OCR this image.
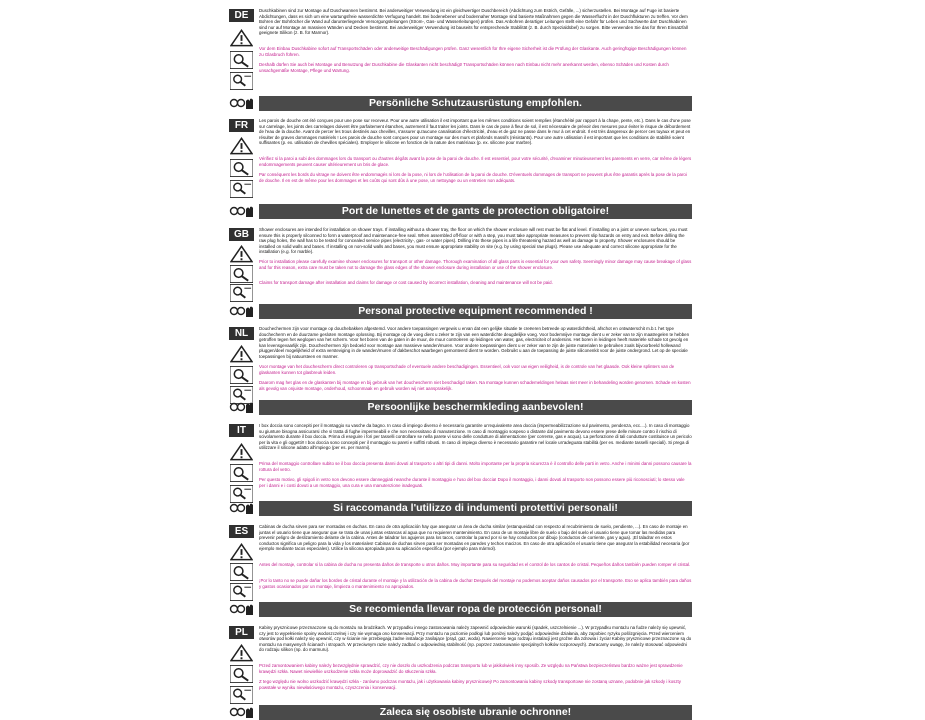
DE	Duschkabinen sind zur Montage auf Duschwannen bestimmt. Bei anderweitiger Verwendung ist ein gleichwertiger Duschbereich (Abdichtung zum Estrich, Gefälle, ...) sicherzustellen. Bei Montage auf Fuge ist basierte Abdichtungen, dass es sich um eine wartungsfreie wasserdichte Verfugung handelt. Bei bodenebener und bodennaher Montage sind basierte Maßnahmen gegen die Wasserflucht in der Duschflukturen zu treffen. Vor dem Bohren der Bohrlöcher die Wand auf darunterliegende Versorgungsleitungen (Strom-, Gas- und Wasserleitungen) prüfen. Das Anbohren derartiger Leitungen stellt eine Gefahr für Leben und Sachwerte dar! Duschkabinen sind nur auf Montage an massiven Wänden und Decken bestimmt. Bei anderweitiger Verwendung ist bauseits für entsprechende Stabilität (z. B. durch Spezialdübel) zu sorgen. Bitte verwenden Sie das für Ihren Einsatzfall geeignete Silikon (z. B. für Marmor).
Vor dem Einbau Duschkabine sofort auf Transportschäden oder anderweitige Beschädigungen prüfen. Ganz wesentlich für Ihre eigene Sicherheit ist die Prüfung der Glaskante. Auch geringfügige Beschädigungen können zu Glasbruch führen.
Deshalb dürfen Sie auch bei Montage und Benutzung der Duschkabine die Glaskanten nicht beschädigt! Transportschäden können nach Einbau nicht mehr anerkannt werden, ebenso Schäden und Kosten durch unsachgemäße Montage, Pflege und Wartung.
Persönliche Schutzausrüstung empfohlen.
FR	Les parois de douche ont été conçues pour une pose sur receveur. Pour une autre utilisation il est important que les mêmes conditions soient remplies (étanchéité par rapport à la chape, pente, etc.). Dans le cas d'une pose sur carrelage, les joints des carrelages doivent être parfaitement étanches, autrement il faut traiter les joints. Dans le cas de pose à fleur de sol, il est nécessaire de prévoir des mesures pour éviter le risque de débordement de l'eau de la douche. Avant de percer les trous destinés aux chevilles, s'assurer qu'aucune canalisation d'électricité, d'eau et de gaz ne passe dans le mur à cet endroit. Il est très dangereux de percer ces tuyaux et peut en résulter de graves dommages matériels ! Les parois de douche sont conçues pour un montage sur des murs et plafonds massifs (résistants). Pour une autre utilisation il est important que les conditions de stabilité soient suffisantes (p. ex. utilisation de chevilles spéciales). Employer le silicone en fonction de la nature des matériaux (p. ex. silicone pour marbre).
Vérifiez si la paroi a subi des dommages lors du transport ou d'autres dégâts avant la pose de la paroi de douche. Il est essentiel, pour votre sécurité, d'examiner minutieusement les parements en verre, car même de légers endommagements peuvent causer ultérieurement un bris de glace.
Par conséquent les bords du vitrage ne doivent être endommagés ni lors de la pose, ni lors de l'utilisation de la paroi de douche. D'éventuels dommages de transport ne peuvent plus être garantis après la pose de la paroi de douche. Il en est de même pour les dommages et les coûts qui sont dûs à une pose, un nettoyage ou un entretien non adéquats.
Port de lunettes et de gants de protection obligatoire!
GB	Shower enclosures are intended for installation on shower trays. If installing without a shower tray, the floor on which the shower enclosure will rest must be flat and level. If installing on a joint or uneven surfaces, you must ensure this is properly silconned to form a waterproof and maintenance-free seal. When assembled off-floor or with a step, you must take appropriate measures to prevent slip hazards on entry and exit. Before drilling the raw plug holes, the wall has to be tested for concealed service pipes (electricity-, gas- or water pipes). Drilling into these pipes is a life threatening hazard as well as damage to property. Shower enclosures should be installed on solid walls and bases. If installing on non-solid walls and bases, you must ensure appropriate stability on site (e.g. by using special raw plugs). Please use adequate and correct silicone appropriate for the installation (e.g. for marble).
Prior to installation please carefully examine shower enclosures for transport or other damage. Thorough examination of all glass parts is essential for your own safety. Seemingly minor damage may cause breakage of glass and for this reason, extra care must be taken not to damage the glass edges of the shower enclosure during installation or use of the shower enclosure.
Claims for transport damage after installation and claims for damage or cost caused by incorrect installation, cleaning and maintenance will not be paid.
Personal protective equipment recommended !
NL	Douchechermen zijn voor montage op douchebakken afgestemd. Voor andere toepassingen vergewis u ervan dat een gelijke situatie te creëeren betreede op waterdichtheid, afschot en ontwaterschit m.b.t. het type douchecherm en de duurzame gesloten montage oplossing. Bij montage op de voeg dient u zeker te zijn van een waterdichte deugdelijke voeg. Voor bodemnijve montage dient u er zeker van te zijn maatregelen te hebben getroffen tegen het weglopen van het scherm. Voor het boren van de gaten in de muur, de muur controleren op leidingen van water, gas, electriciteit of andersins. Het boren in leidingen heeft materiële schade tot gevolg en kan levensgevaarlijk zijn. Douchechermen zijn bedoeld voor montage aan massieve wanden/muren. Voor andere toepassingen dient u er zeker van te zijn de juiste materialen te gebruiken zoals bijvoorbeeld hollewand pluggen/deel mogelijkheid of extra versteviging in de wanden/muren of dakbeschot waarbegen gemonteerd dient te worden. Gebruikt u aan de toepassing de juiste siliconenkit voor de juiste ondergrond. Let op de speciale toepassingen bij natuursteen en marmer.
Voor montage van het douchescherm direct controleren op transportschade of eventuele andere beschadigingen. Essentieel, ook voor uw eigen veiligheid, is de controle van het glaasde. Ook kleine splinters van de glaskanten kunnen tot glasbreuk leiden.
Daarom mag het glas en de glaskanten bij montage en bij gebruik van het douchescherm niet beschadigd raken. Na montage kunnen schademeldingen helaas niet meer in behandeling worden genomen. Schade en kosten als gevolg van onjuiste montage, onderhoud, schoonmaak en gebruik worden wij niet aansprakelijk.
Persoonlijke beschermkleding aanbevolen!
IT	I box doccia sono concepiti per il montaggio su vasche da bagno. In caso di impiego diverso è necessario garantire un'equivalente area doccia (impermeabilizzazione sul pavimento, pendenza, ecc....). In caso di montaggio su giunture bisogna assicurarsi che si tratta di fughe impermeabili e che non necessitano di manutenzione. In caso di montaggio sospeso o distante dal pavimento devono essere prese delle misure contro il rischio di scivolamento durante il box doccia. Prima di eseguire i fori per tasselli controllare se nella parete vi sono delle condutture di alimentazione (per corrente, gas e acqua). La perforazione di tali condutture costituisce un pericolo per la vita e gli oggetti!! I box doccia sono concepiti per il montaggio su pareti e soffitti robusti. In caso di impiego diverso è necessario garantire nel locale un'adeguata stabilità (per es. mediante tasselli speciali). Si prega di utilizzare il silicone adatto all'impiego (per es. per marmi).
Prima del montaggio controllare subito se il box doccia presenta danni dovuti al trasporto o altri tipi di danni. Molto importante per la propria sicurezza è il controllo delle parti in vetro. Anche i minimi danni possono causare la rottura del vetro.
Per questo motivo, gli spigoli in vetro non devono essere danneggiati neanche durante il montaggio e l'uso del box doccia! Dopo il montaggio, i danni dovuti al trasporto non possono essere più riconosciuti; lo stesso vale per i danni e i costi dovuti a un montaggio, una cura e una manutenzione inadeguati.
Si raccomanda l'utilizzo di indumenti protettivi personali!
ES	Cabinas de ducha sirven para ser montadas en duchas. En caso de otra aplicación hay que asegurar un área de ducha similar (estanqueidad con respecto al recubrimiento de suelo, pendiente, ...). En caso de montaje en juntas el usuario tiene que asegurar que se trata de unas juntas estancas al agua que no requieren mantenimiento. En caso de un montaje libre de suelo o bajo del suelo el usuario tiene que tomar las medidas para prevenir peligro de deslizamiento delante de la cabina. Antes de taladrar los agujeros para los tacos, controlar la pared por si se hay conductos por dibujo (conductos de corriente, gas y agua). ¡El taladrar en estos conductos significa un peligro para la vida y los materiales! Cabinas de duchas sirven para ser montadas en paredes y techos macizos. En caso de otra aplicación el usuario tiene que asegurar la estabilidad necesaria (por ejemplo mediante tacos especiales). Utilice la silicona apropiada para su aplicación específica (por ejemplo para mármol).
Antes del montaje, controlar si la cabina de ducha no presenta daños de transporte u otros daños. Muy importante para su seguridad es el control de los cantos de cristal. Pequeños daños también pueden romper el cristal.
¡Por lo tanto no se puede dañar los bordes de cristal durante el montaje y la utilización de la cabina de ducha! Después del montaje no podemos aceptar daños causados por el transporte. Eso se aplica también para daños y gastos ocasionados por un montaje, limpieza o mantenimiento no apropiados.
Se recomienda llevar ropa de protección personal!
PL	Kabiny prysznicowe przeznaczone są do montażu na brodzikach. W przypadku innego zastosowania należy zapewnić odpowiednie warunki (spadek, uszczelnienie ...). W przypadku montażu na fudze należy się upewnić, czy jest to wypełnienie spoiny wodoszczelnej i czy nie wymaga ono konserwacji. Przy montażu na poziomie podłogi lub poniżej należy podjąć odpowiednie działania, aby zapobiec ryzyku poślizgnięcia. Przed wierceniem otworów pod kołki należy się upewnić, czy w ścianie nie przebiegają żadne instalacje zasilające (prąd, gaz, woda). Nawiercenie tego rodzaju instalacji jest groźne dla zdrowia i życia! Kabiny prysznicowe przeznaczone są do montażu na masywnych ścianach i stropach. W przeciwnym razie należy zadbać o odpowiednią stabilność (np. poprzez zastosowanie specjalnych kołków rozporowych). Zwracamy uwagę, że należy stosować odpowiedni do rodzaju silikon (np. do marmuru).
Przed zamontowaniem kabiny należy bezwzględnie sprawdzić, czy nie doszło do uszkodzenia podczas transportu lub w jakikolwiek inny sposób. Ze względu na Państwa bezpieczeństwo bardzo ważne jest sprawdzenie krawędzi szkła. Nawet niewielkie uszkodzenie szkła może doprowadzić do stłuczenia szkła.
Z tego względu nie wolno uszkodzić krawędzi szkła - zarówno podczas montażu, jak i użytkowania kabiny prysznicowej! Po zamontowaniu kabiny szkody transportowe nie zostaną uznane, podobnie jak szkody i koszty powstałe w wyniku niewłaściwego montażu, czyszczenia i konserwacji.
Zaleca się osobiste ubranie ochronne!
